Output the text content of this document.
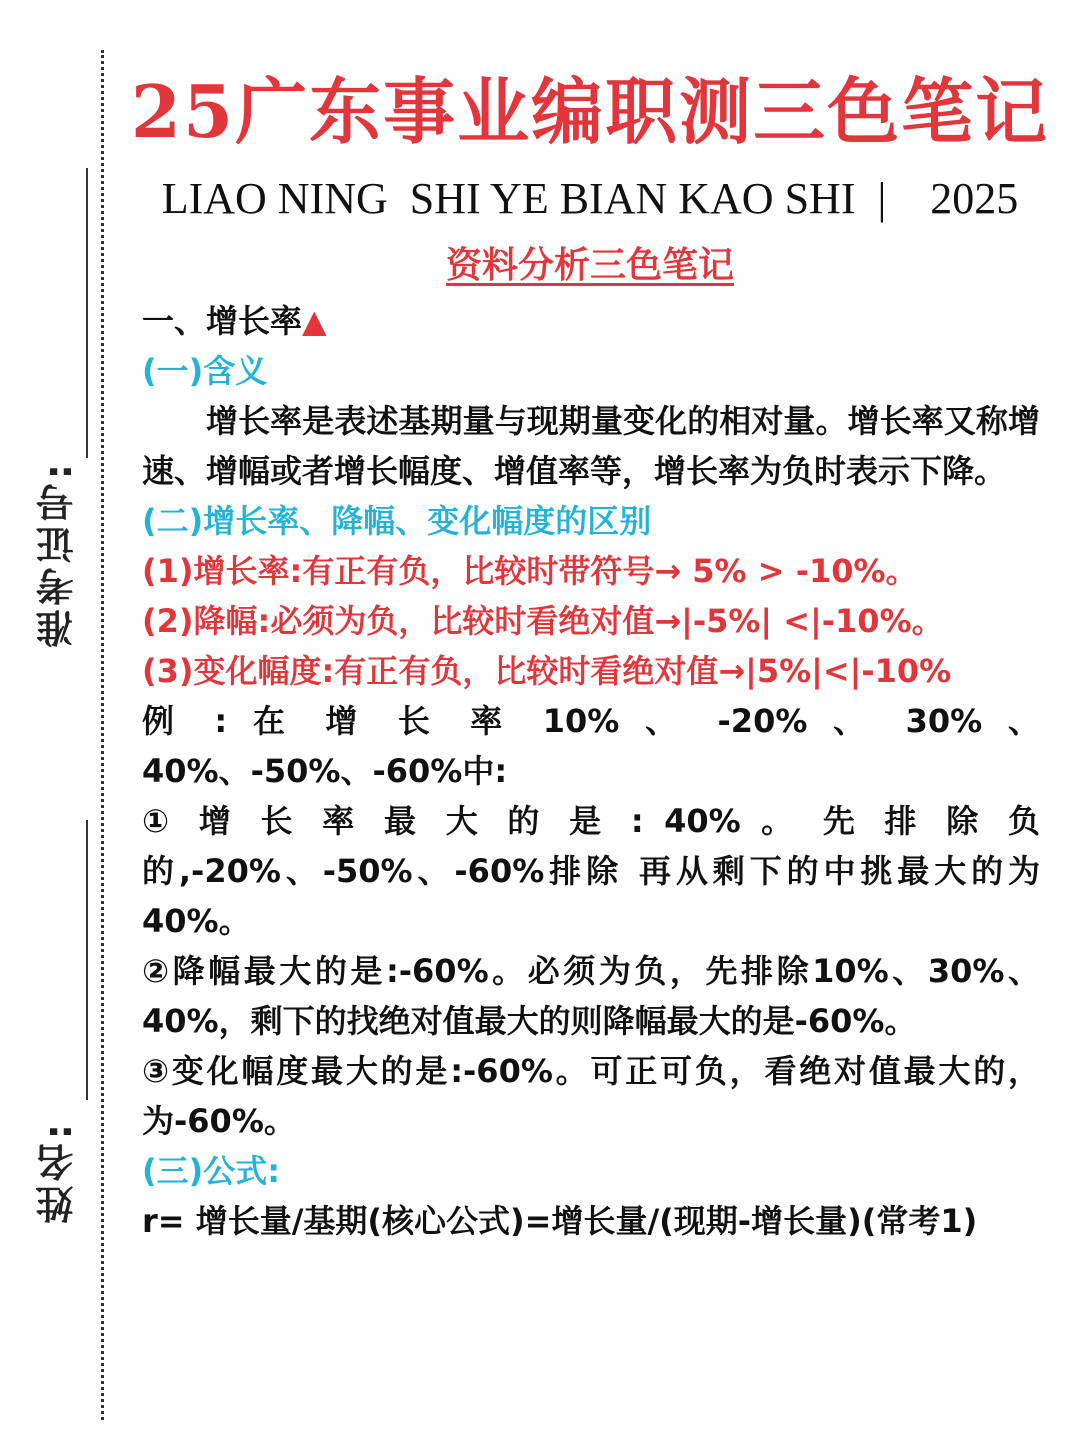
准考证号:
姓名:
25广东事业编职测三色笔记
LIAO NING  SHI YE BIAN KAO SHI  |    2025
资料分析三色笔记

一、增长率▲

(一)含义

增长率是表述基期量与现期量变化的相对量。增长率又称增速、增幅或者增长幅度、增值率等，增长率为负时表示下降。

(二)增长率、降幅、变化幅度的区别

(1)增长率:有正有负，比较时带符号→ 5% > -10%。

(2)降幅:必须为负，比较时看绝对值→|-5%| <|-10%。

(3)变化幅度:有正有负，比较时看绝对值→|5%|<|-10%

例 : 在 增 长 率 10% 、 -20% 、 30% 、

40%、-50%、-60%中:

① 增 长 率 最 大 的 是 : 40% 。 先 排 除 负

的,-20%、-50%、-60%排除 再从剩下的中挑最大的为 40%。

②降幅最大的是:-60%。必须为负，先排除10%、30%、40%，剩下的找绝对值最大的则降幅最大的是-60%。

③变化幅度最大的是:-60%。可正可负，看绝对值最大的，为-60%。

(三)公式:

r= 增长量/基期(核心公式)=增长量/(现期-增长量)(常考1)
